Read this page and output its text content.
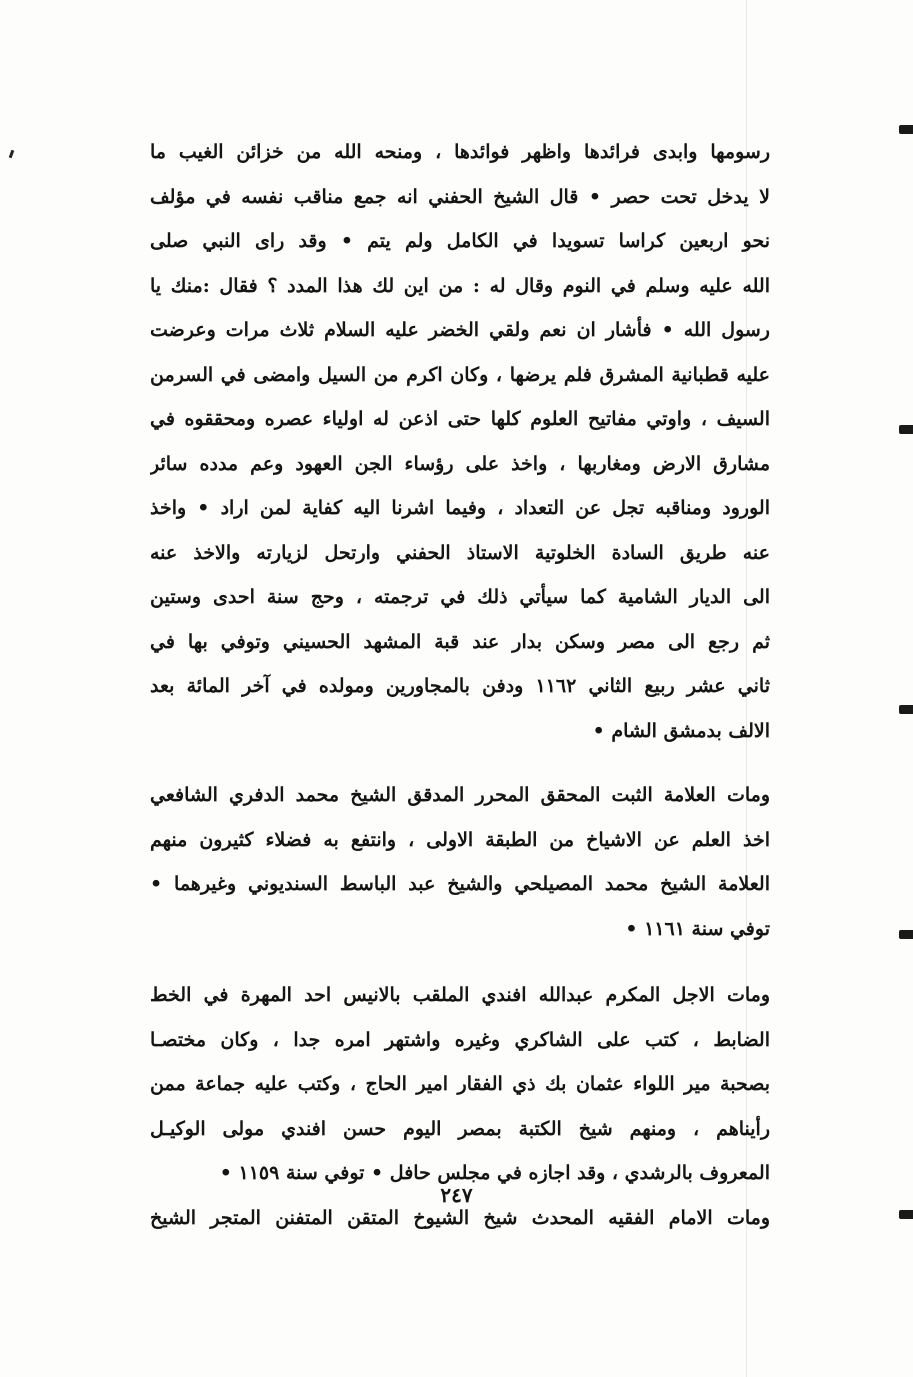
رسومها وابدى فرائدها واظهر فوائدها ، ومنحه الله من خزائن الغيب ما
لا يدخل تحت حصر • قال الشيخ الحفني انه جمع مناقب نفسه في مؤلف
نحو اربعين كراسا تسويدا في الكامل ولم يتم • وقد راى النبي صلى
الله عليه وسلم في النوم وقال له : من اين لك هذا المدد ؟ فقال :منك يا
رسول الله • فأشار ان نعم ولقي الخضر عليه السلام ثلاث مرات وعرضت
عليه قطبانية المشرق فلم يرضها ، وكان اكرم من السيل وامضى في السرمن
السيف ، واوتي مفاتيح العلوم كلها حتى اذعن له اولياء عصره ومحققوه في
مشارق الارض ومغاربها ، واخذ على رؤساء الجن العهود وعم مدده سائر
الورود ومناقبه تجل عن التعداد ، وفيما اشرنا اليه كفاية لمن اراد • واخذ
عنه طريق السادة الخلوتية الاستاذ الحفني وارتحل لزيارته والاخذ عنه
الى الديار الشامية كما سيأتي ذلك في ترجمته ، وحج سنة احدى وستين
ثم رجع الى مصر وسكن بدار عند قبة المشهد الحسيني وتوفي بها في
ثاني عشر ربيع الثاني ١١٦٢ ودفن بالمجاورين ومولده في آخر المائة بعد
الالف بدمشق الشام •
ومات العلامة الثبت المحقق المحرر المدقق الشيخ محمد الدفري الشافعي
اخذ العلم عن الاشياخ من الطبقة الاولى ، وانتفع به فضلاء كثيرون منهم
العلامة الشيخ محمد المصيلحي والشيخ عبد الباسط السنديوني وغيرهما •
توفي سنة ١١٦١ •
ومات الاجل المكرم عبدالله افندي الملقب بالانيس احد المهرة في الخط
الضابط ، كتب على الشاكري وغيره واشتهر امره جدا ، وكان مختصـا
بصحبة مير اللواء عثمان بك ذي الفقار امير الحاج ، وكتب عليه جماعة ممن
رأيناهم ، ومنهم شيخ الكتبة بمصر اليوم حسن افندي مولى الوكيـل
المعروف بالرشدي ، وقد اجازه في مجلس حافل • توفي سنة ١١٥٩ •
ومات الامام الفقيه المحدث شيخ الشيوخ المتقن المتفنن المتجر الشيخ
٢٤٧
